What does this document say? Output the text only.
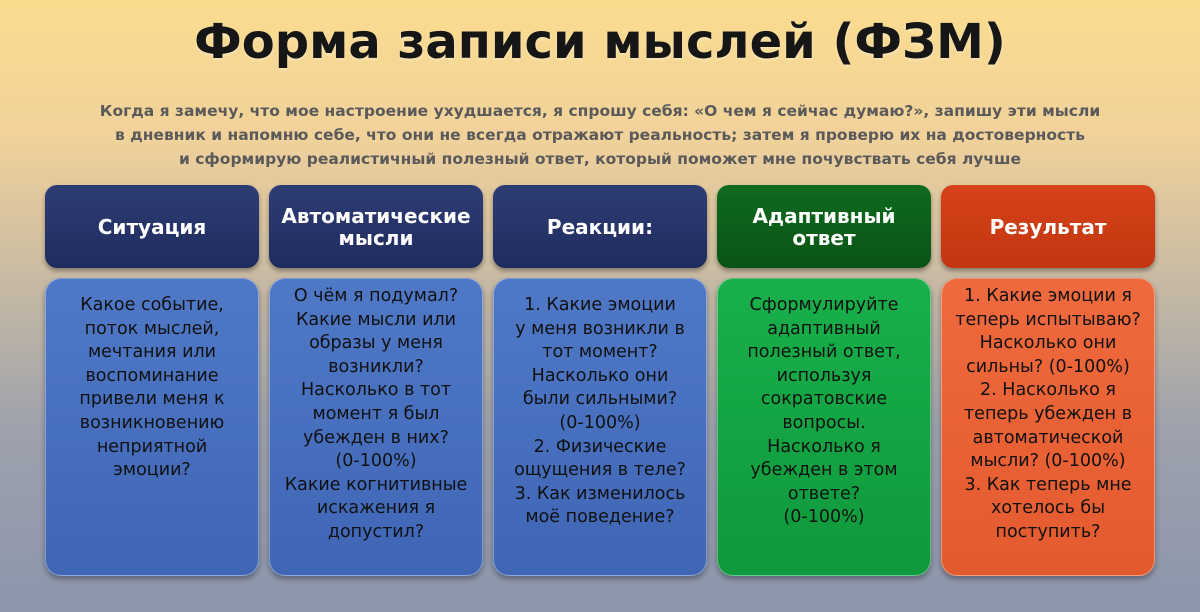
Форма записи мыслей (ФЗМ)
Когда я замечу, что мое настроение ухудшается, я спрошу себя: «О чем я сейчас думаю?», запишу эти мысли
в дневник и напомню себе, что они не всегда отражают реальность; затем я проверю их на достоверность
и сформирую реалистичный полезный ответ, который поможет мне почувствать себя лучше
Ситуация
Какое событие,
поток мыслей,
мечтания или
воспоминание
привели меня к
возникновению
неприятной
эмоции?
Автоматические
мысли
О чём я подумал?
Какие мысли или
образы у меня
возникли?
Насколько в тот
момент я был
убежден в них?
(0-100%)
Какие когнитивные
искажения я
допустил?
Реакции:
1. Какие эмоции
у меня возникли в
тот момент?
Насколько они
были сильными?
(0-100%)
2. Физические
ощущения в теле?
3. Как изменилось
моё поведение?
Адаптивный
ответ
Сформулируйте
адаптивный
полезный ответ,
используя
сократовские
вопросы.
Насколько я
убежден в этом
ответе?
(0-100%)
Результат
1. Какие эмоции я
теперь испытываю?
Насколько они
сильны? (0-100%)
2. Насколько я
теперь убежден в
автоматической
мысли? (0-100%)
3. Как теперь мне
хотелось бы
поступить?
